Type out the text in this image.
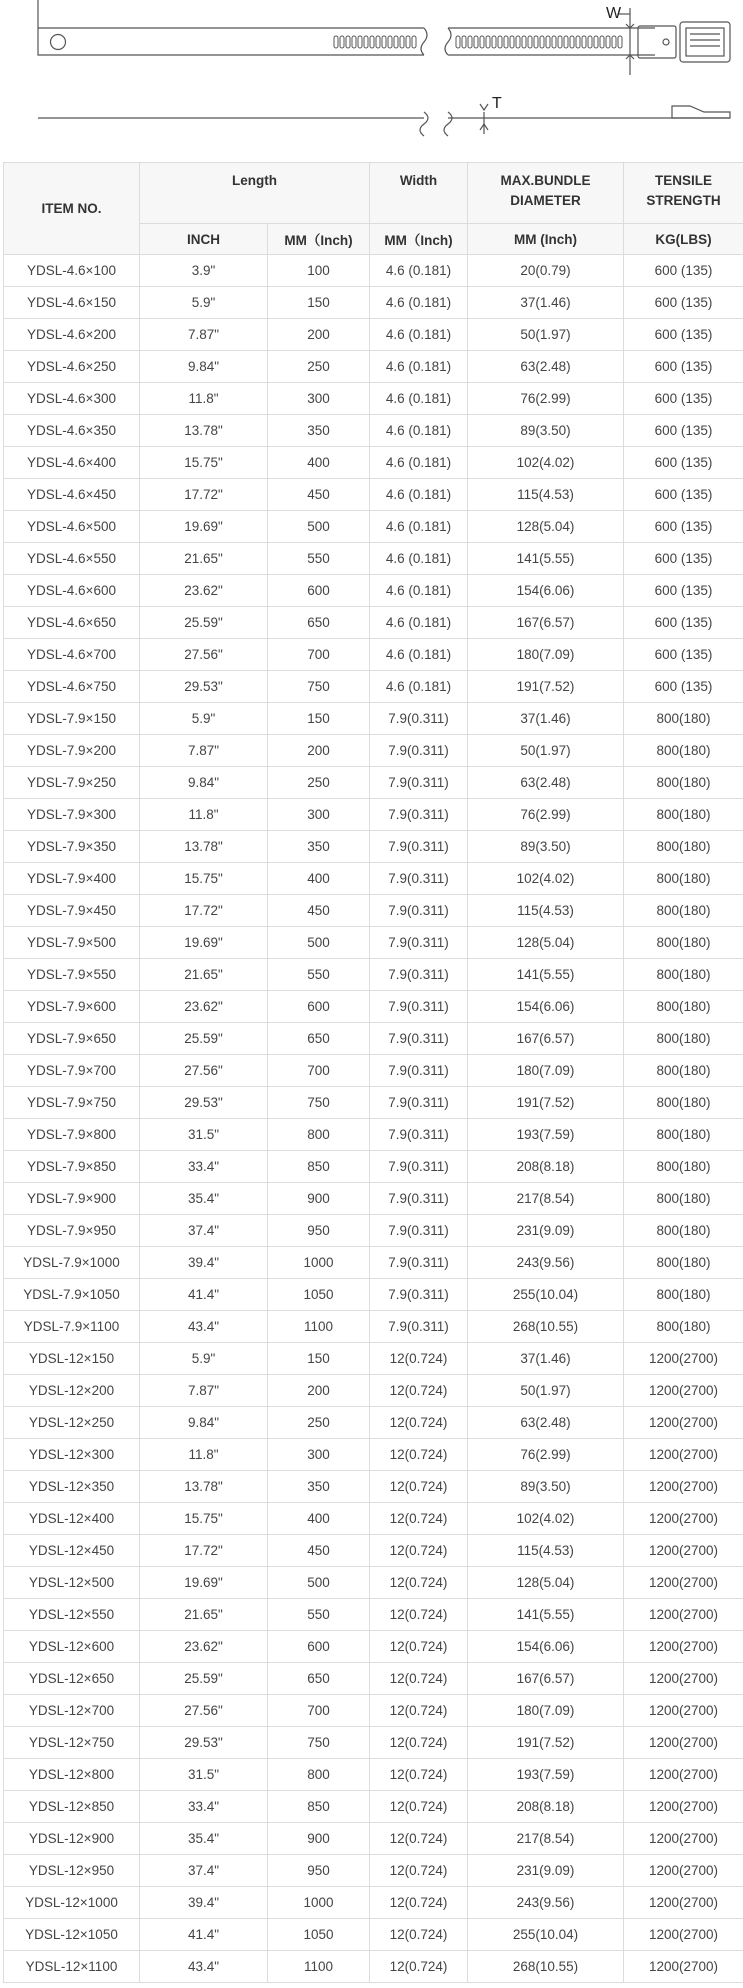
W
T
ITEM NO.	Length		Width	MAX.BUNDLE
DIAMETER	TENSILE
STRENGTH

	INCH	MM（Inch)	MM（Inch)	MM (Inch)	KG(LBS)
YDSL-4.6×100	3.9"	100	4.6 (0.181)	20(0.79)	600 (135)
YDSL-4.6×150	5.9"	150	4.6 (0.181)	37(1.46)	600 (135)
YDSL-4.6×200	7.87"	200	4.6 (0.181)	50(1.97)	600 (135)
YDSL-4.6×250	9.84"	250	4.6 (0.181)	63(2.48)	600 (135)
YDSL-4.6×300	11.8"	300	4.6 (0.181)	76(2.99)	600 (135)
YDSL-4.6×350	13.78"	350	4.6 (0.181)	89(3.50)	600 (135)
YDSL-4.6×400	15.75"	400	4.6 (0.181)	102(4.02)	600 (135)
YDSL-4.6×450	17.72"	450	4.6 (0.181)	115(4.53)	600 (135)
YDSL-4.6×500	19.69"	500	4.6 (0.181)	128(5.04)	600 (135)
YDSL-4.6×550	21.65"	550	4.6 (0.181)	141(5.55)	600 (135)
YDSL-4.6×600	23.62"	600	4.6 (0.181)	154(6.06)	600 (135)
YDSL-4.6×650	25.59"	650	4.6 (0.181)	167(6.57)	600 (135)
YDSL-4.6×700	27.56"	700	4.6 (0.181)	180(7.09)	600 (135)
YDSL-4.6×750	29.53"	750	4.6 (0.181)	191(7.52)	600 (135)
YDSL-7.9×150	5.9"	150	7.9(0.311)	37(1.46)	800(180)
YDSL-7.9×200	7.87"	200	7.9(0.311)	50(1.97)	800(180)
YDSL-7.9×250	9.84"	250	7.9(0.311)	63(2.48)	800(180)
YDSL-7.9×300	11.8"	300	7.9(0.311)	76(2.99)	800(180)
YDSL-7.9×350	13.78"	350	7.9(0.311)	89(3.50)	800(180)
YDSL-7.9×400	15.75"	400	7.9(0.311)	102(4.02)	800(180)
YDSL-7.9×450	17.72"	450	7.9(0.311)	115(4.53)	800(180)
YDSL-7.9×500	19.69"	500	7.9(0.311)	128(5.04)	800(180)
YDSL-7.9×550	21.65"	550	7.9(0.311)	141(5.55)	800(180)
YDSL-7.9×600	23.62"	600	7.9(0.311)	154(6.06)	800(180)
YDSL-7.9×650	25.59"	650	7.9(0.311)	167(6.57)	800(180)
YDSL-7.9×700	27.56"	700	7.9(0.311)	180(7.09)	800(180)
YDSL-7.9×750	29.53"	750	7.9(0.311)	191(7.52)	800(180)
YDSL-7.9×800	31.5"	800	7.9(0.311)	193(7.59)	800(180)
YDSL-7.9×850	33.4"	850	7.9(0.311)	208(8.18)	800(180)
YDSL-7.9×900	35.4"	900	7.9(0.311)	217(8.54)	800(180)
YDSL-7.9×950	37.4"	950	7.9(0.311)	231(9.09)	800(180)
YDSL-7.9×1000	39.4"	1000	7.9(0.311)	243(9.56)	800(180)
YDSL-7.9×1050	41.4"	1050	7.9(0.311)	255(10.04)	800(180)
YDSL-7.9×1100	43.4"	1100	7.9(0.311)	268(10.55)	800(180)
YDSL-12×150	5.9"	150	12(0.724)	37(1.46)	1200(2700)
YDSL-12×200	7.87"	200	12(0.724)	50(1.97)	1200(2700)
YDSL-12×250	9.84"	250	12(0.724)	63(2.48)	1200(2700)
YDSL-12×300	11.8"	300	12(0.724)	76(2.99)	1200(2700)
YDSL-12×350	13.78"	350	12(0.724)	89(3.50)	1200(2700)
YDSL-12×400	15.75"	400	12(0.724)	102(4.02)	1200(2700)
YDSL-12×450	17.72"	450	12(0.724)	115(4.53)	1200(2700)
YDSL-12×500	19.69"	500	12(0.724)	128(5.04)	1200(2700)
YDSL-12×550	21.65"	550	12(0.724)	141(5.55)	1200(2700)
YDSL-12×600	23.62"	600	12(0.724)	154(6.06)	1200(2700)
YDSL-12×650	25.59"	650	12(0.724)	167(6.57)	1200(2700)
YDSL-12×700	27.56"	700	12(0.724)	180(7.09)	1200(2700)
YDSL-12×750	29.53"	750	12(0.724)	191(7.52)	1200(2700)
YDSL-12×800	31.5"	800	12(0.724)	193(7.59)	1200(2700)
YDSL-12×850	33.4"	850	12(0.724)	208(8.18)	1200(2700)
YDSL-12×900	35.4"	900	12(0.724)	217(8.54)	1200(2700)
YDSL-12×950	37.4"	950	12(0.724)	231(9.09)	1200(2700)
YDSL-12×1000	39.4"	1000	12(0.724)	243(9.56)	1200(2700)
YDSL-12×1050	41.4"	1050	12(0.724)	255(10.04)	1200(2700)
YDSL-12×1100	43.4"	1100	12(0.724)	268(10.55)	1200(2700)
